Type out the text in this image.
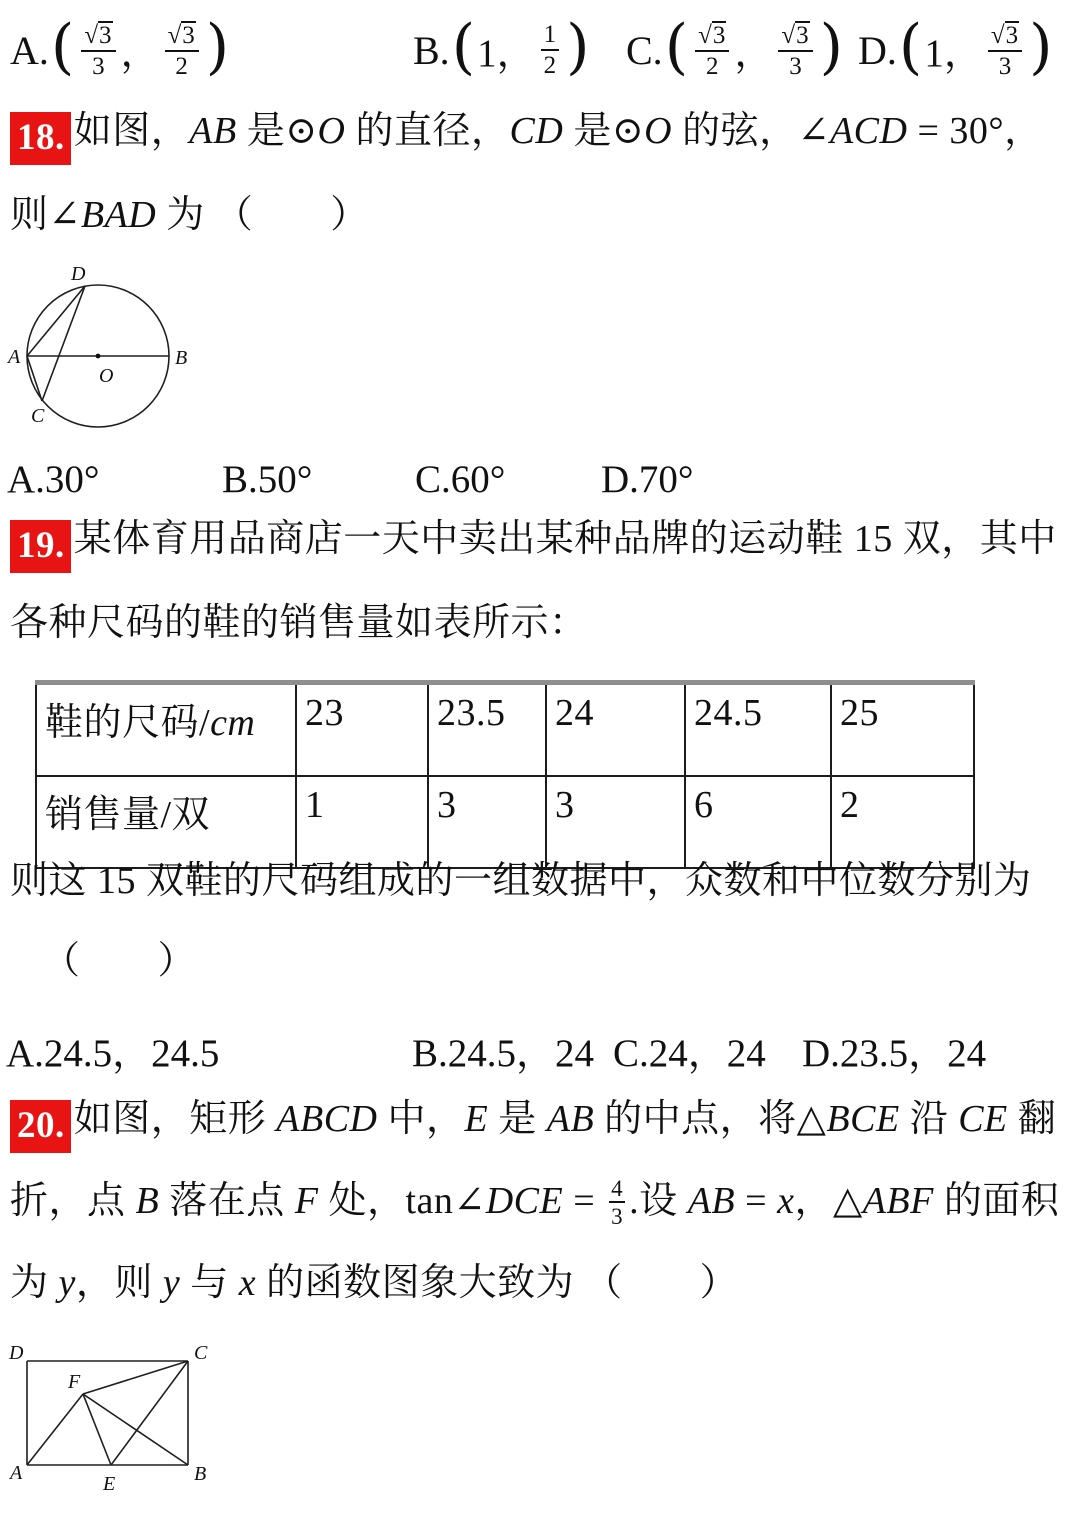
A. ( $\frac{√ 3}{3}$ ， $\frac{√ 3}{2}$ )	B. ( 1， $\frac{1}{2}$ ) C. ( $\frac{√ 3}{2}$ ， $\frac{√ 3}{3}$ ) D. ( 1， $\frac{√ 3}{3}$ )
18. 如图，AB 是⊙O 的直径，CD 是⊙O 的弦，∠ACD = 30°，
则∠BAD 为 （　　）
A	B
D
C
O
A.30°	B.50°	C.60° D.70°
19. 某体育用品商店一天中卖出某种品牌的运动鞋 15 双，其中
各种尺码的鞋的销售量如表所示：
鞋的尺码/cm	23	23.5	24	24.5	25
销售量/双	1	3	3	6	2
则这 15 双鞋的尺码组成的一组数据中，众数和中位数分别为
（　　）
A.24.5，24.5	B.24.5，24 C.24，24 D.23.5，24
20. 如图，矩形 ABCD 中，E 是 AB 的中点，将△BCE 沿 CE 翻
折，点 B 落在点 F 处，tan∠DCE = $\frac{4}{3}$ .设 AB = x，△ABF 的面积
为 y，则 y 与 x 的函数图象大致为 （　　）
D	C
A	B
F
E
